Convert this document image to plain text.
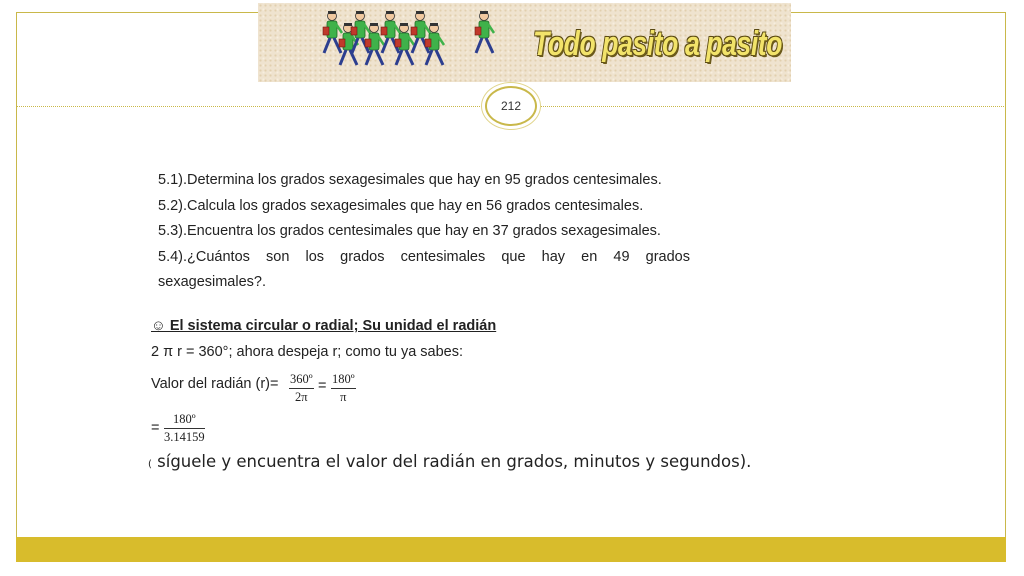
Todo pasito a pasito
212
5.1).Determina los grados sexagesimales que hay en 95 grados centesimales.
5.2).Calcula los grados sexagesimales que hay en 56 grados centesimales.
5.3).Encuentra los grados centesimales que hay en 37 grados sexagesimales.
5.4).¿Cuántos son los grados centesimales que hay en 49 grados
sexagesimales?.
☺ El sistema circular o radial; Su unidad el radián
2 π r = 360°; ahora despeja r; como tu ya sabes:
Valor del radián $(r)= \frac{\text{360º}}{2\pi} = \frac{\text{180º}}{\pi}$
= $\frac{\text{180º}}{3.14159}$
( síguele y encuentra el valor del radián en grados, minutos y segundos).
